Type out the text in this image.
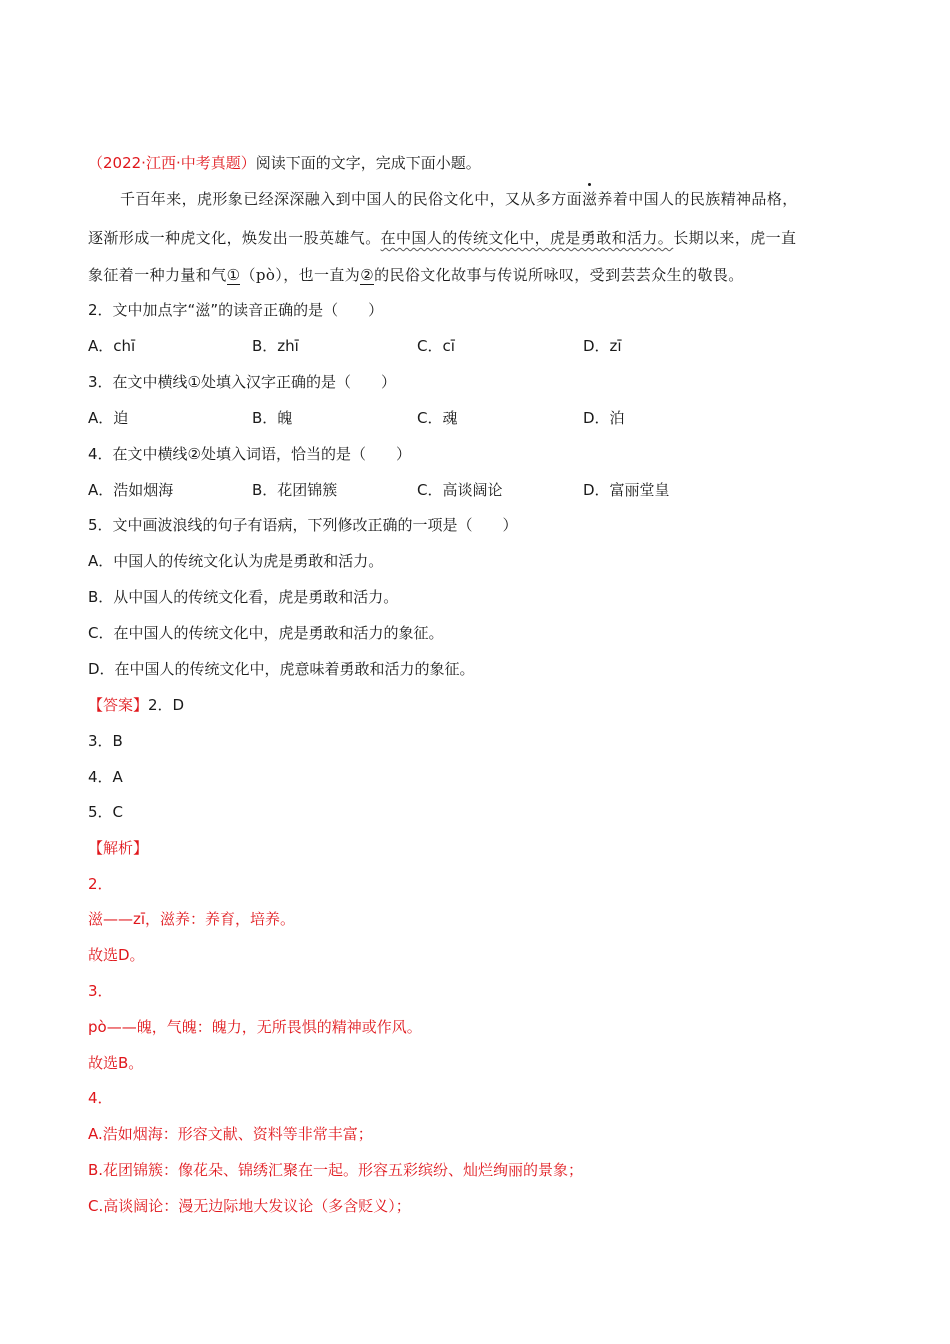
（2022·江西·中考真题）阅读下面的文字，完成下面小题。
千百年来，虎形象已经深深融入到中国人的民俗文化中，又从多方面滋养着中国人的民族精神品格，
逐渐形成一种虎文化，焕发出一股英雄气。在中国人的传统文化中，虎是勇敢和活力。长期以来，虎一直
象征着一种力量和气①（pò），也一直为②的民俗文化故事与传说所咏叹，受到芸芸众生的敬畏。
2．文中加点字“滋”的读音正确的是（　　）
A．chī	B．zhī	C．cī	D．zī
3．在文中横线①处填入汉字正确的是（　　）
A．迫	B．魄	C．魂	D．泊
4．在文中横线②处填入词语，恰当的是（　　）
A．浩如烟海	B．花团锦簇	C．高谈阔论	D．富丽堂皇
5．文中画波浪线的句子有语病，下列修改正确的一项是（　　）
A．中国人的传统文化认为虎是勇敢和活力。
B．从中国人的传统文化看，虎是勇敢和活力。
C．在中国人的传统文化中，虎是勇敢和活力的象征。
D．在中国人的传统文化中，虎意味着勇敢和活力的象征。
【答案】2．D
3．B
4．A
5．C
【解析】
2．
滋——zī，滋养：养育，培养。
故选D。
3．
pò——魄，气魄：魄力，无所畏惧的精神或作风。
故选B。
4．
A.浩如烟海：形容文献、资料等非常丰富；
B.花团锦簇：像花朵、锦绣汇聚在一起。形容五彩缤纷、灿烂绚丽的景象；
C.高谈阔论：漫无边际地大发议论（多含贬义）；
